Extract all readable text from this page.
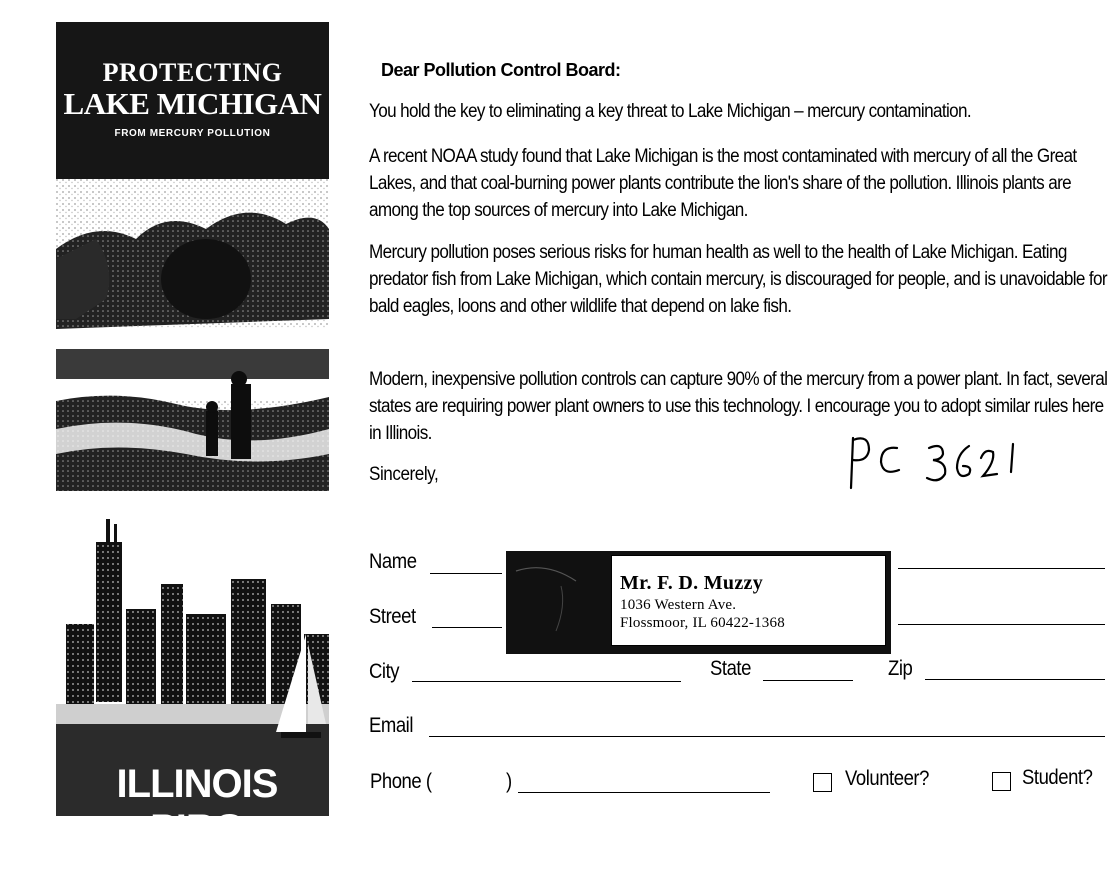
PROTECTING

LAKE MICHIGAN

FROM MERCURY POLLUTION
ILLINOIS PIRG

Dear Pollution Control Board:

You hold the key to eliminating a key threat to Lake Michigan – mercury contamination.

A recent NOAA study found that Lake Michigan is the most contaminated with mercury of all the Great Lakes, and that coal-burning power plants contribute the lion's share of the pollution. Illinois plants are among the top sources of mercury into Lake Michigan.

Mercury pollution poses serious risks for human health as well to the health of Lake Michigan. Eating predator fish from Lake Michigan, which contain mercury, is discouraged for people, and is unavoidable for bald eagles, loons and other wildlife that depend on lake fish.

Modern, inexpensive pollution controls can capture 90% of the mercury from a power plant. In fact, several states are requiring power plant owners to use this technology. I encourage you to adopt similar rules here in Illinois.

Sincerely,
Name
Street
City	State	Zip
Email
Phone (	)	Volunteer?	Student?
Mr. F. D. Muzzy
1036 Western Ave.
Flossmoor, IL 60422-1368
